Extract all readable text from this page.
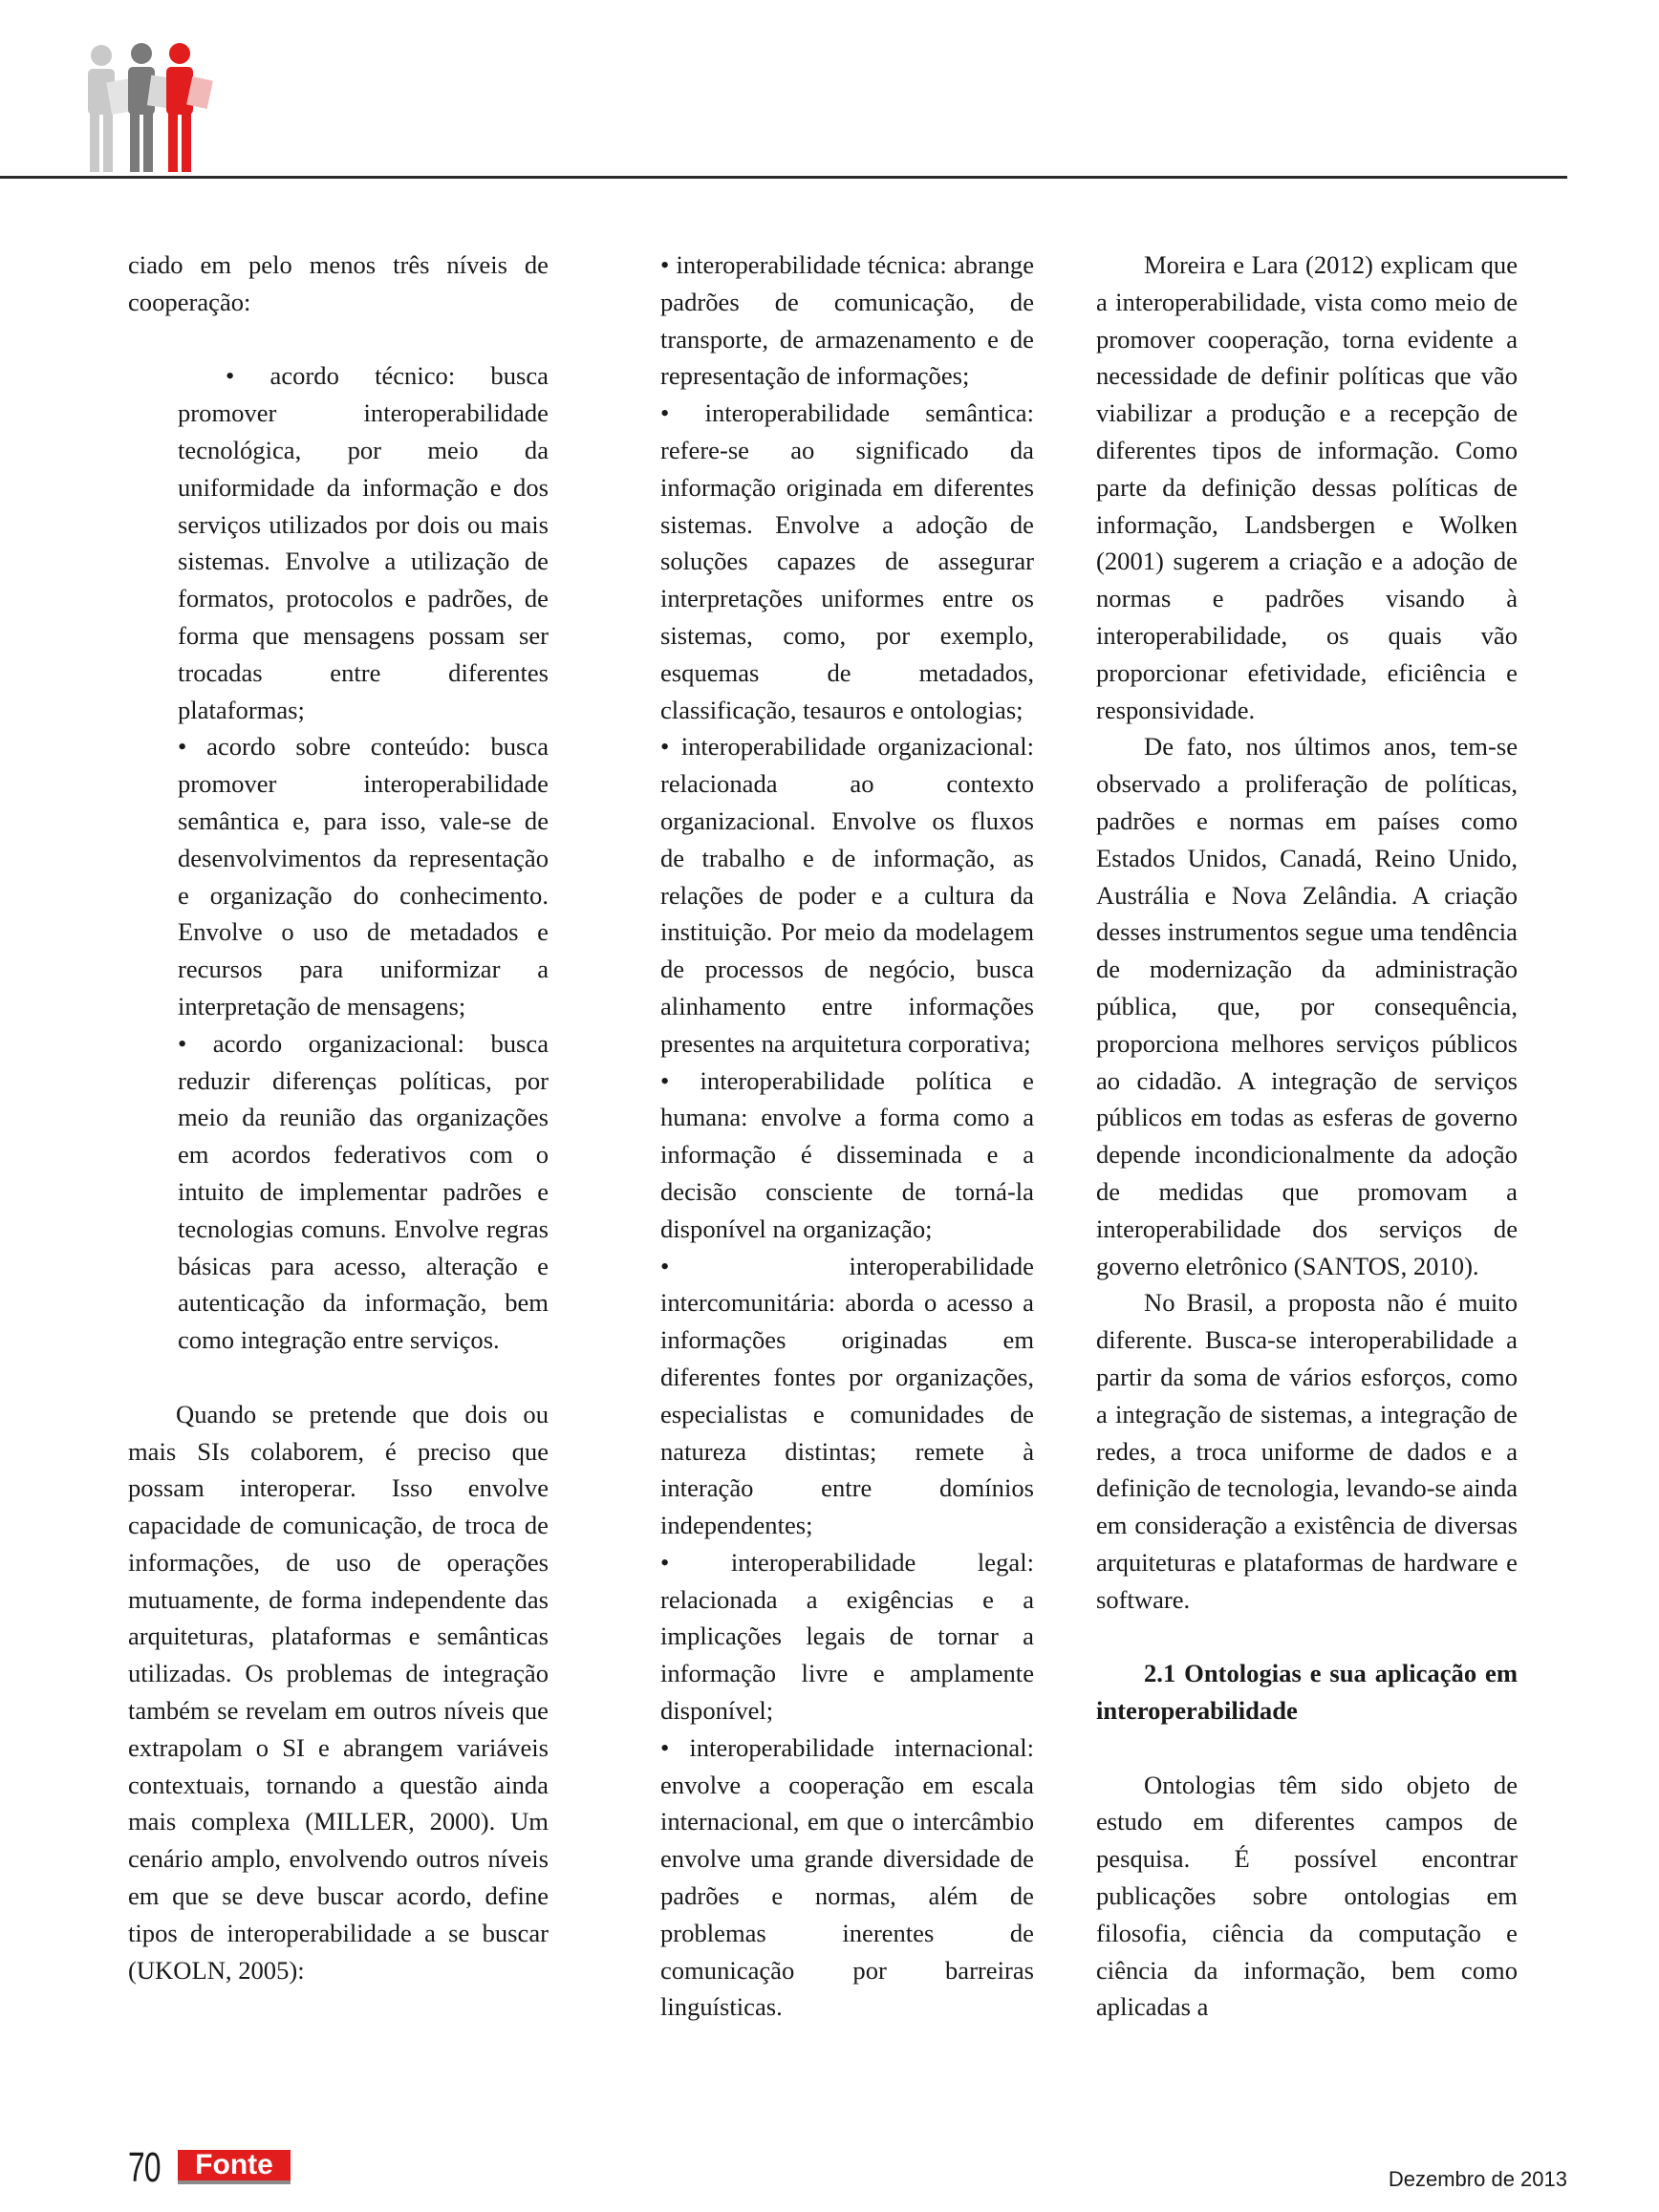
ciado em pelo menos três níveis de cooperação:

• acordo técnico: busca promover interoperabilidade tecnológica, por meio da uniformidade da informação e dos serviços utilizados por dois ou mais sistemas. Envolve a utilização de formatos, protocolos e padrões, de forma que mensagens possam ser trocadas entre diferentes plataformas;

• acordo sobre conteúdo: busca promover interoperabilidade semântica e, para isso, vale-se de desenvolvimentos da representação e organização do conhecimento. Envolve o uso de metadados e recursos para uniformizar a interpretação de mensagens;

• acordo organizacional: busca reduzir diferenças políticas, por meio da reunião das organizações em acordos federativos com o intuito de implementar padrões e tecnologias comuns. Envolve regras básicas para acesso, alteração e autenticação da informação, bem como integração entre serviços.

Quando se pretende que dois ou mais SIs colaborem, é preciso que possam interoperar. Isso envolve capacidade de comunicação, de troca de informações, de uso de operações mutuamente, de forma independente das arquiteturas, plataformas e semânticas utilizadas. Os problemas de integração também se revelam em outros níveis que extrapolam o SI e abrangem variáveis contextuais, tornando a questão ainda mais complexa (MILLER, 2000). Um cenário amplo, envolvendo outros níveis em que se deve buscar acordo, define tipos de interoperabilidade a se buscar (UKOLN, 2005):

• interoperabilidade técnica: abrange padrões de comunicação, de transporte, de armazenamento e de representação de informações;

• interoperabilidade semântica: refere-se ao significado da informação originada em diferentes sistemas. Envolve a adoção de soluções capazes de assegurar interpretações uniformes entre os sistemas, como, por exemplo, esquemas de metadados, classificação, tesauros e ontologias;

• interoperabilidade organizacional: relacionada ao contexto organizacional. Envolve os fluxos de trabalho e de informação, as relações de poder e a cultura da instituição. Por meio da modelagem de processos de negócio, busca alinhamento entre informações presentes na arquitetura corporativa;

• interoperabilidade política e humana: envolve a forma como a informação é disseminada e a decisão consciente de torná-la disponível na organização;

• interoperabilidade intercomunitária: aborda o acesso a informações originadas em diferentes fontes por organizações, especialistas e comunidades de natureza distintas; remete à interação entre domínios independentes;

• interoperabilidade legal: relacionada a exigências e a implicações legais de tornar a informação livre e amplamente disponível;

• interoperabilidade internacional: envolve a cooperação em escala internacional, em que o intercâmbio envolve uma grande diversidade de padrões e normas, além de problemas inerentes de comunicação por barreiras linguísticas.

Moreira e Lara (2012) explicam que a interoperabilidade, vista como meio de promover cooperação, torna evidente a necessidade de definir políticas que vão viabilizar a produção e a recepção de diferentes tipos de informação. Como parte da definição dessas políticas de informação, Landsbergen e Wolken (2001) sugerem a criação e a adoção de normas e padrões visando à interoperabilidade, os quais vão proporcionar efetividade, eficiência e responsividade.

De fato, nos últimos anos, tem-se observado a proliferação de políticas, padrões e normas em países como Estados Unidos, Canadá, Reino Unido, Austrália e Nova Zelândia. A criação desses instrumentos segue uma tendência de modernização da administração pública, que, por consequência, proporciona melhores serviços públicos ao cidadão. A integração de serviços públicos em todas as esferas de governo depende incondicionalmente da adoção de medidas que promovam a interoperabilidade dos serviços de governo eletrônico (SANTOS, 2010).

No Brasil, a proposta não é muito diferente. Busca-se interoperabilidade a partir da soma de vários esforços, como a integração de sistemas, a integração de redes, a troca uniforme de dados e a definição de tecnologia, levando-se ainda em consideração a existência de diversas arquiteturas e plataformas de hardware e software.

2.1 Ontologias e sua aplicação em interoperabilidade

Ontologias têm sido objeto de estudo em diferentes campos de pesquisa. É possível encontrar publicações sobre ontologias em filosofia, ciência da computação e ciência da informação, bem como aplicadas a

70	Fonte	Dezembro de 2013
